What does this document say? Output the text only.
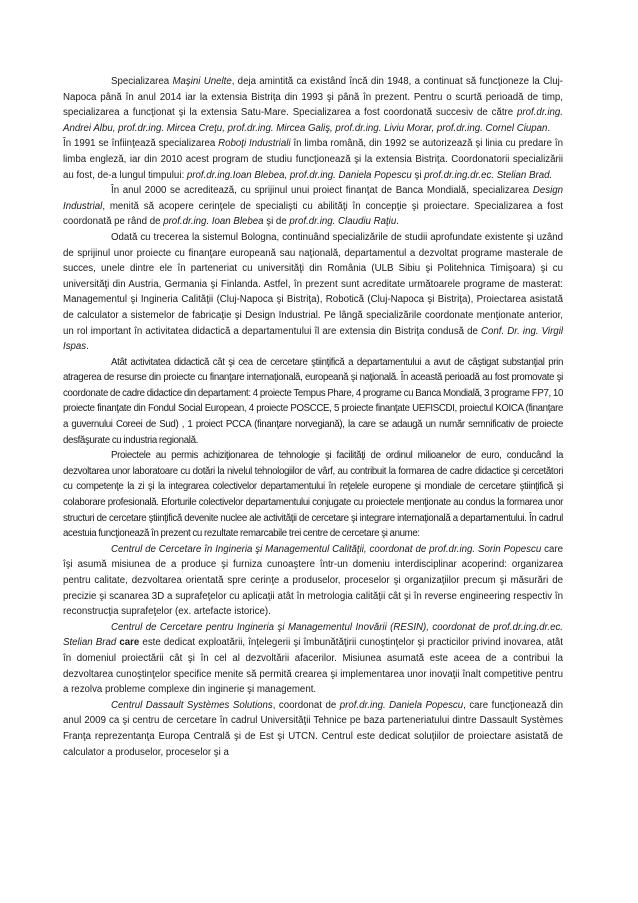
Specializarea Maşini Unelte, deja amintită ca existând încă din 1948, a continuat să funcţioneze la Cluj-Napoca până în anul 2014 iar la extensia Bistriţa din 1993 şi până în prezent. Pentru o scurtă perioadă de timp, specializarea a funcţionat şi la extensia Satu-Mare. Specializarea a fost coordonată succesiv de către prof.dr.ing. Andrei Albu, prof.dr.ing. Mircea Creţu, prof.dr.ing. Mircea Galiş, prof.dr.ing. Liviu Morar, prof.dr.ing. Cornel Ciupan.

În 1991 se înfiinţează specializarea Roboţi Industriali în limba română, din 1992 se autorizează şi linia cu predare în limba engleză, iar din 2010 acest program de studiu funcţionează şi la extensia Bistriţa. Coordonatorii specializării au fost, de-a lungul timpului: prof.dr.ing.Ioan Blebea, prof.dr.ing. Daniela Popescu şi prof.dr.ing.dr.ec. Stelian Brad.

În anul 2000 se acreditează, cu sprijinul unui proiect finanţat de Banca Mondială, specializarea Design Industrial, menită să acopere cerinţele de specialişti cu abilităţi în concepţie şi proiectare. Specializarea a fost coordonată pe rând de prof.dr.ing. Ioan Blebea şi de prof.dr.ing. Claudiu Raţiu.

Odată cu trecerea la sistemul Bologna, continuând specializările de studii aprofundate existente şi uzând de sprijinul unor proiecte cu finanţare europeană sau naţională, departamentul a dezvoltat programe masterale de succes, unele dintre ele în parteneriat cu universităţi din România (ULB Sibiu şi Politehnica Timişoara) şi cu universităţi din Austria, Germania şi Finlanda. Astfel, în prezent sunt acreditate următoarele programe de masterat: Managementul şi Ingineria Calităţii (Cluj-Napoca şi Bistriţa), Robotică (Cluj-Napoca şi Bistriţa), Proiectarea asistată de calculator a sistemelor de fabricaţie şi Design Industrial. Pe lângă specializările coordonate menţionate anterior, un rol important în activitatea didactică a departamentului îl are extensia din Bistriţa condusă de Conf. Dr. ing. Virgil Ispas.

Atât activitatea didactică cât şi cea de cercetare ştiinţifică a departamentului a avut de câştigat substanţial prin atragerea de resurse din proiecte cu finanţare internaţională, europeană şi naţională. În această perioadă au fost promovate şi coordonate de cadre didactice din departament: 4 proiecte Tempus Phare, 4 programe cu Banca Mondială, 3 programe FP7, 10 proiecte finanţate din Fondul Social European, 4 proiecte POSCCE, 5 proiecte finanţate UEFISCDI, proiectul KOICA (finanţare a guvernului Coreei de Sud) , 1 proiect PCCA (finanţare norvegiană), la care se adaugă un număr semnificativ de proiecte desfăşurate cu industria regională.

Proiectele au permis achiziţionarea de tehnologie şi facilităţi de ordinul milioanelor de euro, conducând la dezvoltarea unor laboratoare cu dotări la nivelul tehnologiilor de vârf, au contribuit la formarea de cadre didactice şi cercetători cu competenţe la zi şi la integrarea colectivelor departamentului în reţelele europene şi mondiale de cercetare ştiinţifică şi colaborare profesională. Eforturile colectivelor departamentului conjugate cu proiectele menţionate au condus la formarea unor structuri de cercetare ştiinţifică devenite nuclee ale activităţii de cercetare şi integrare internaţională a departamentului. În cadrul acestuia funcţionează în prezent cu rezultate remarcabile trei centre de cercetare şi anume:

Centrul de Cercetare în Ingineria şi Managementul Calităţii, coordonat de prof.dr.ing. Sorin Popescu care îşi asumă misiunea de a produce şi furniza cunoaştere într-un domeniu interdisciplinar acoperind: organizarea pentru calitate, dezvoltarea orientată spre cerinţe a produselor, proceselor şi organizaţiilor precum şi măsurări de precizie şi scanarea 3D a suprafeţelor cu aplicaţii atât în metrologia calităţii cât şi în reverse engineering respectiv în reconstrucţia suprafeţelor (ex. artefacte istorice).

Centrul de Cercetare pentru Ingineria şi Managementul Inovării (RESIN), coordonat de prof.dr.ing.dr.ec. Stelian Brad care este dedicat exploatării, înţelegerii şi îmbunătăţirii cunoştinţelor şi practicilor privind inovarea, atât în domeniul proiectării cât şi în cel al dezvoltării afacerilor. Misiunea asumată este aceea de a contribui la dezvoltarea cunoştinţelor specifice menite să permită crearea şi implementarea unor inovaţii înalt competitive pentru a rezolva probleme complexe din inginerie şi management.

Centrul Dassault Systèmes Solutions, coordonat de prof.dr.ing. Daniela Popescu, care funcţionează din anul 2009 ca şi centru de cercetare în cadrul Universităţii Tehnice pe baza parteneriatului dintre Dassault Systèmes Franţa reprezentanţa Europa Centrală şi de Est şi UTCN. Centrul este dedicat soluţiilor de proiectare asistată de calculator a produselor, proceselor şi a
